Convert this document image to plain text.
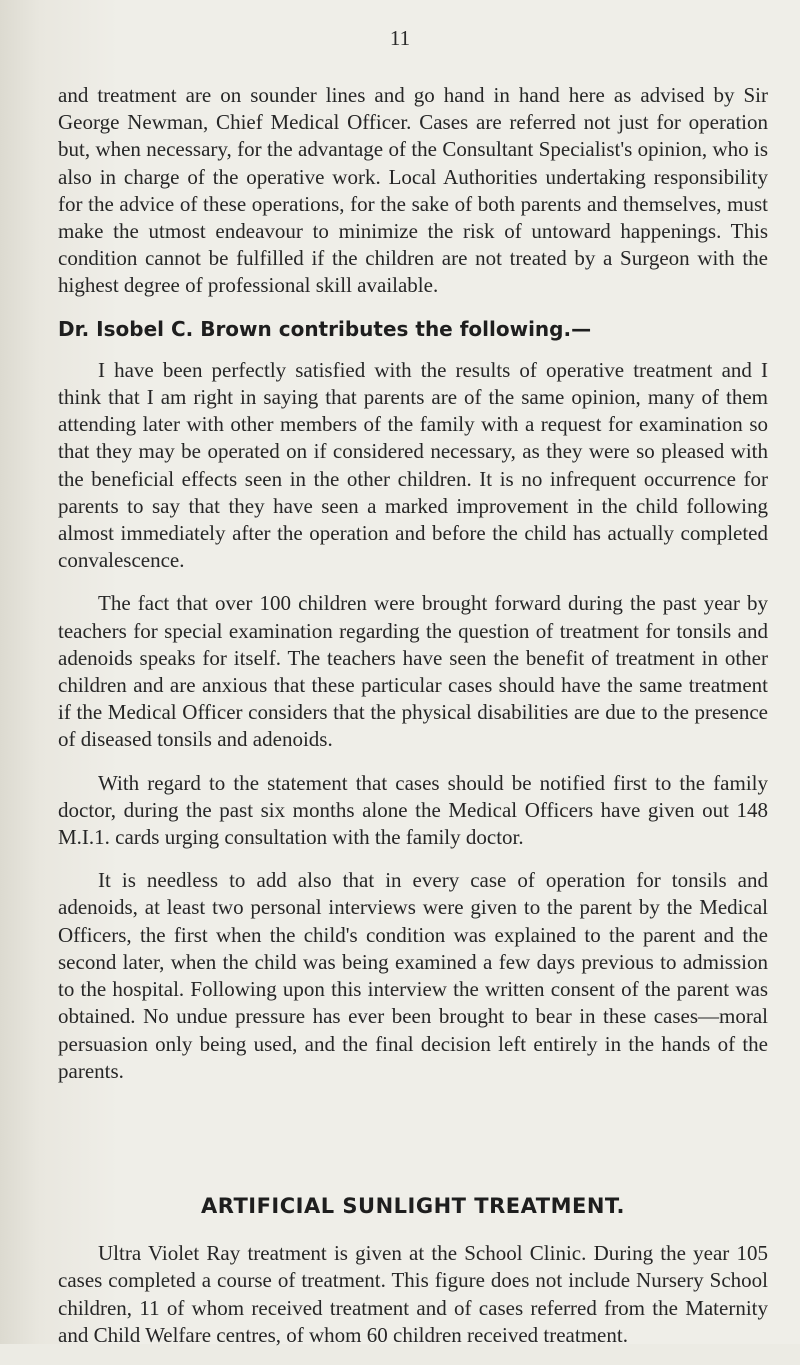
11

and treatment are on sounder lines and go hand in hand here as advised by Sir George Newman, Chief Medical Officer. Cases are referred not just for operation but, when necessary, for the advantage of the Consultant Specialist's opinion, who is also in charge of the operative work. Local Authorities undertaking responsibility for the advice of these operations, for the sake of both parents and themselves, must make the utmost endeavour to minimize the risk of untoward happenings. This condition cannot be fulfilled if the children are not treated by a Surgeon with the highest degree of professional skill available.

Dr. Isobel C. Brown contributes the following.—

I have been perfectly satisfied with the results of operative treatment and I think that I am right in saying that parents are of the same opinion, many of them attending later with other members of the family with a request for examination so that they may be operated on if considered necessary, as they were so pleased with the beneficial effects seen in the other children. It is no infrequent occurrence for parents to say that they have seen a marked improvement in the child following almost immediately after the operation and before the child has actually completed convalescence.

The fact that over 100 children were brought forward during the past year by teachers for special examination regarding the question of treatment for tonsils and adenoids speaks for itself. The teachers have seen the benefit of treatment in other children and are anxious that these particular cases should have the same treatment if the Medical Officer considers that the physical disabilities are due to the presence of diseased tonsils and adenoids.

With regard to the statement that cases should be notified first to the family doctor, during the past six months alone the Medical Officers have given out 148 M.I.1. cards urging consultation with the family doctor.

It is needless to add also that in every case of operation for tonsils and adenoids, at least two personal interviews were given to the parent by the Medical Officers, the first when the child's condition was explained to the parent and the second later, when the child was being examined a few days previous to admission to the hospital. Following upon this interview the written consent of the parent was obtained. No undue pressure has ever been brought to bear in these cases—moral persuasion only being used, and the final decision left entirely in the hands of the parents.

ARTIFICIAL SUNLIGHT TREATMENT.

Ultra Violet Ray treatment is given at the School Clinic. During the year 105 cases completed a course of treatment. This figure does not include Nursery School children, 11 of whom received treatment and of cases referred from the Maternity and Child Welfare centres, of whom 60 children received treatment.
